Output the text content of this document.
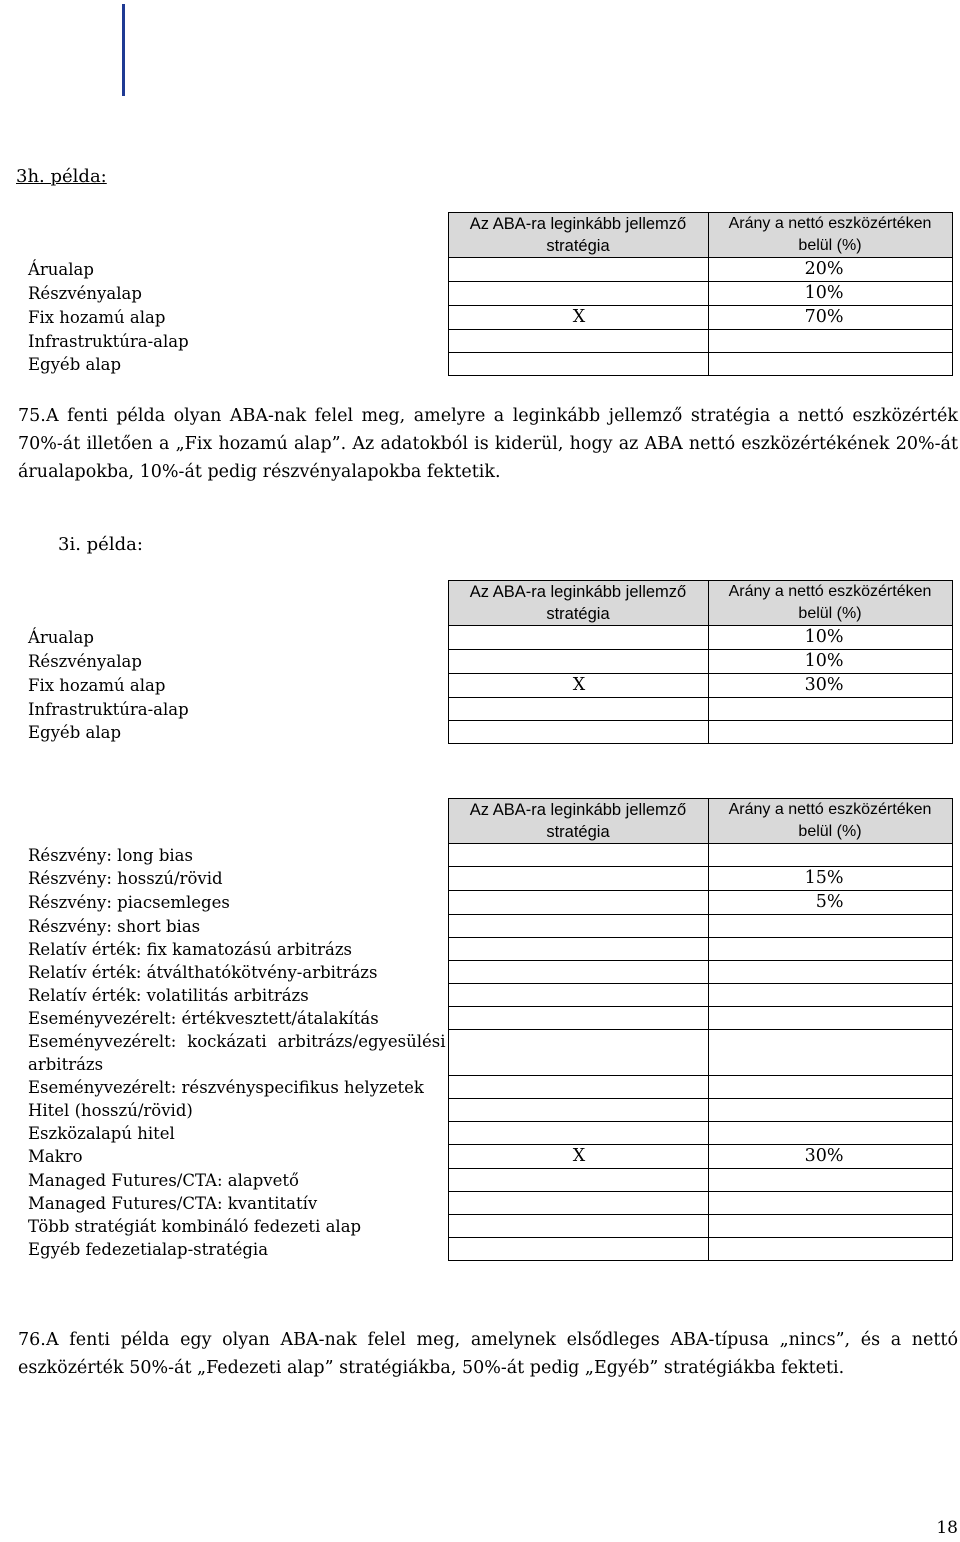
3h. példa:
	Az ABA-ra leginkább jellemző stratégia	Arány a nettó eszközértéken belül (%)
Árualap		20%
Részvényalap		10%
Fix hozamú alap	X	70%
Infrastruktúra-alap		
Egyéb alap		
75.A fenti példa olyan ABA-nak felel meg, amelyre a leginkább jellemző stratégia a nettó eszközérték 70%-át illetően a „Fix hozamú alap”. Az adatokból is kiderül, hogy az ABA nettó eszközértékének 20%-át árualapokba, 10%-át pedig részvényalapokba fektetik.
3i. példa:
	Az ABA-ra leginkább jellemző stratégia	Arány a nettó eszközértéken belül (%)
Árualap		10%
Részvényalap		10%
Fix hozamú alap	X	30%
Infrastruktúra-alap		
Egyéb alap		
	Az ABA-ra leginkább jellemző stratégia	Arány a nettó eszközértéken belül (%)
Részvény: long bias		
Részvény: hosszú/rövid		15%
Részvény: piacsemleges		5%
Részvény: short bias		
Relatív érték: fix kamatozású arbitrázs		
Relatív érték: átválthatókötvény-arbitrázs		
Relatív érték: volatilitás arbitrázs		
Eseményvezérelt: értékvesztett/átalakítás		
Eseményvezérelt: kockázati arbitrázs/egyesülési arbitrázs		
Eseményvezérelt: részvényspecifikus helyzetek		
Hitel (hosszú/rövid)		
Eszközalapú hitel		
Makro	X	30%
Managed Futures/CTA: alapvető		
Managed Futures/CTA: kvantitatív		
Több stratégiát kombináló fedezeti alap		
Egyéb fedezetialap-stratégia		
76.A fenti példa egy olyan ABA-nak felel meg, amelynek elsődleges ABA-típusa „nincs”, és a nettó eszközérték 50%-át „Fedezeti alap” stratégiákba, 50%-át pedig „Egyéb” stratégiákba fekteti.
18
